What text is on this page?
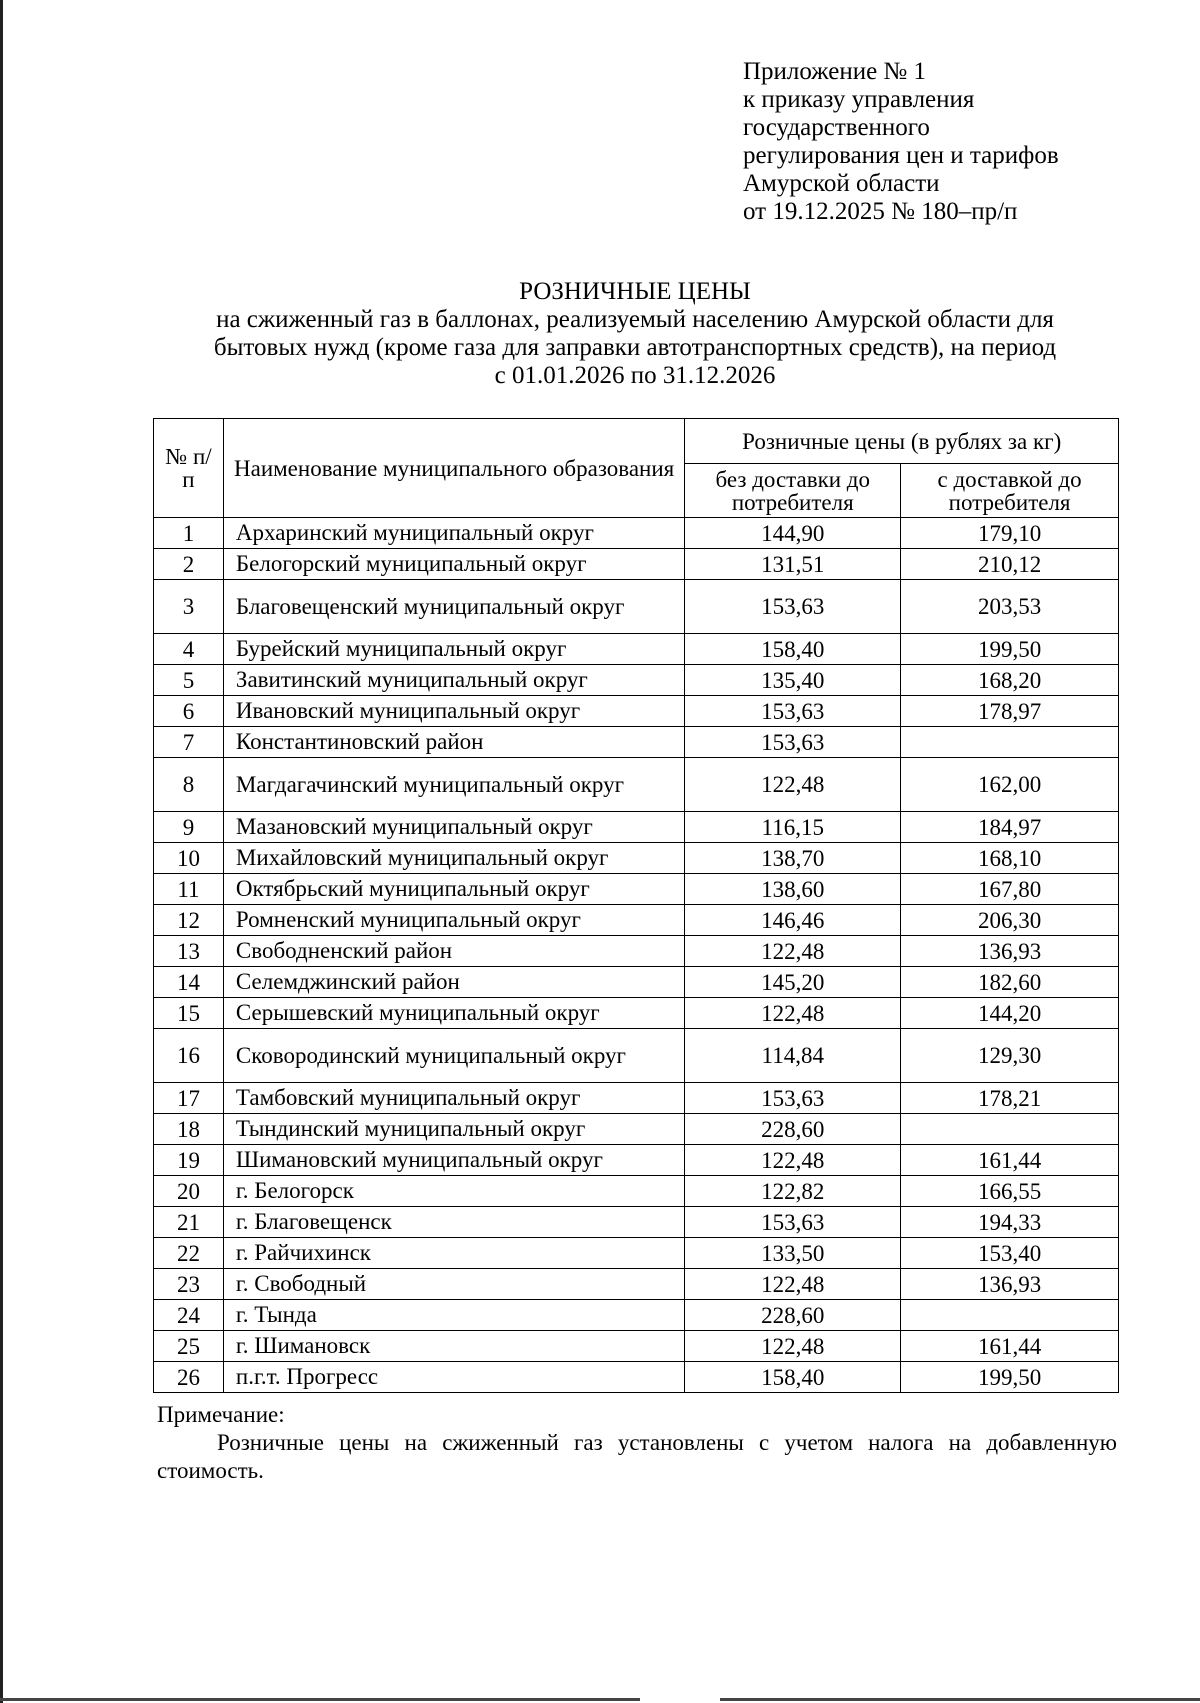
Приложение № 1
к приказу управления
государственного
регулирования цен и тарифов
Амурской области
от 19.12.2025 № 180–пр/п
РОЗНИЧНЫЕ ЦЕНЫ
на сжиженный газ в баллонах, реализуемый населению Амурской области для
бытовых нужд (кроме газа для заправки автотранспортных средств), на период
с 01.01.2026 по 31.12.2026
№ п/п	Наименование муниципального образования	Розничные цены (в рублях за кг)	
		без доставки до потребителя	с доставкой до потребителя
1	Архаринский муниципальный округ	144,90	179,10
2	Белогорский муниципальный округ	131,51	210,12
3	Благовещенский муниципальный округ	153,63	203,53
4	Бурейский муниципальный округ	158,40	199,50
5	Завитинский муниципальный округ	135,40	168,20
6	Ивановский муниципальный округ	153,63	178,97
7	Константиновский район	153,63	
8	Магдагачинский муниципальный округ	122,48	162,00
9	Мазановский муниципальный округ	116,15	184,97
10	Михайловский муниципальный округ	138,70	168,10
11	Октябрьский муниципальный округ	138,60	167,80
12	Ромненский муниципальный округ	146,46	206,30
13	Свободненский район	122,48	136,93
14	Селемджинский район	145,20	182,60
15	Серышевский муниципальный округ	122,48	144,20
16	Сковородинский муниципальный округ	114,84	129,30
17	Тамбовский муниципальный округ	153,63	178,21
18	Тындинский муниципальный округ	228,60	
19	Шимановский муниципальный округ	122,48	161,44
20	г. Белогорск	122,82	166,55
21	г. Благовещенск	153,63	194,33
22	г. Райчихинск	133,50	153,40
23	г. Свободный	122,48	136,93
24	г. Тында	228,60	
25	г. Шимановск	122,48	161,44
26	п.г.т. Прогресс	158,40	199,50
Примечание:
Розничные цены на сжиженный газ установлены с учетом налога на добавленную стоимость.
